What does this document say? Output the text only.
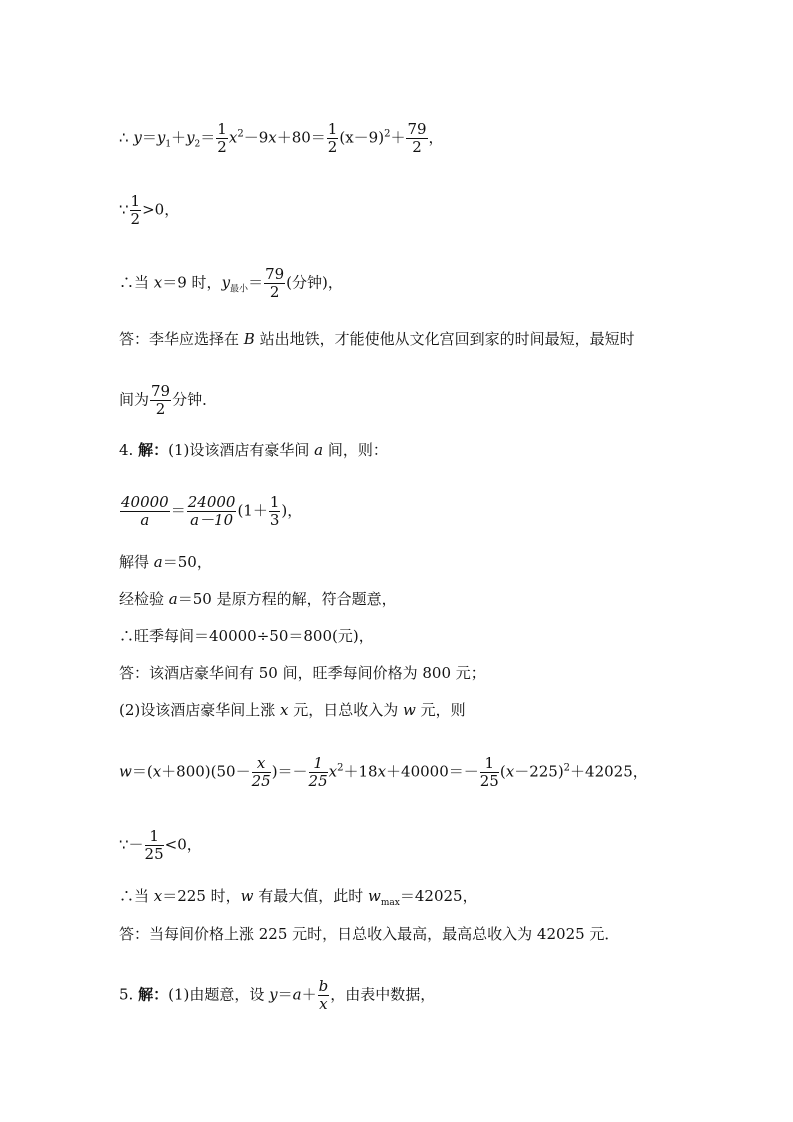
∴ $y=y_1+y_2= \frac{1}{2} x^2-9x+80= \frac{1}{2} (x-9)^2+ \frac{79}{2}$ ，
∵ $\frac{1}{2} >0$，
∴当 x＝9 时，$y_{最小}= \frac{79}{2}$ (分钟)，
答：李华应选择在 B 站出地铁，才能使他从文化宫回到家的时间最短，最短时
间为 $\frac{79}{2}$ 分钟．
4. 解：(1)设该酒店有豪华间 a 间，则：
$\frac{40000}{a} = \frac{24000}{a-10} (1+ \frac{1}{3}$ )，
解得 a＝50，
经检验 a＝50 是原方程的解，符合题意，
∴旺季每间＝40000÷50＝800(元)，
答：该酒店豪华间有 50 间，旺季每间价格为 800 元；
(2)设该酒店豪华间上涨 x 元，日总收入为 w 元，则
$w=(x+800)(50- \frac{x}{25}$ )＝－ $\frac{1}{25} x^2+18x+40000=- \frac{1}{25} (x-225)^2+42025$，
∵－ $\frac{1}{25} <0$，
∴当 x＝225 时，w 有最大值，此时 $w_{max}=42025$，
答：当每间价格上涨 225 元时，日总收入最高，最高总收入为 42025 元．
5. 解：(1)由题意，设 $y=a+ \frac{b}{x}$ ，由表中数据，
